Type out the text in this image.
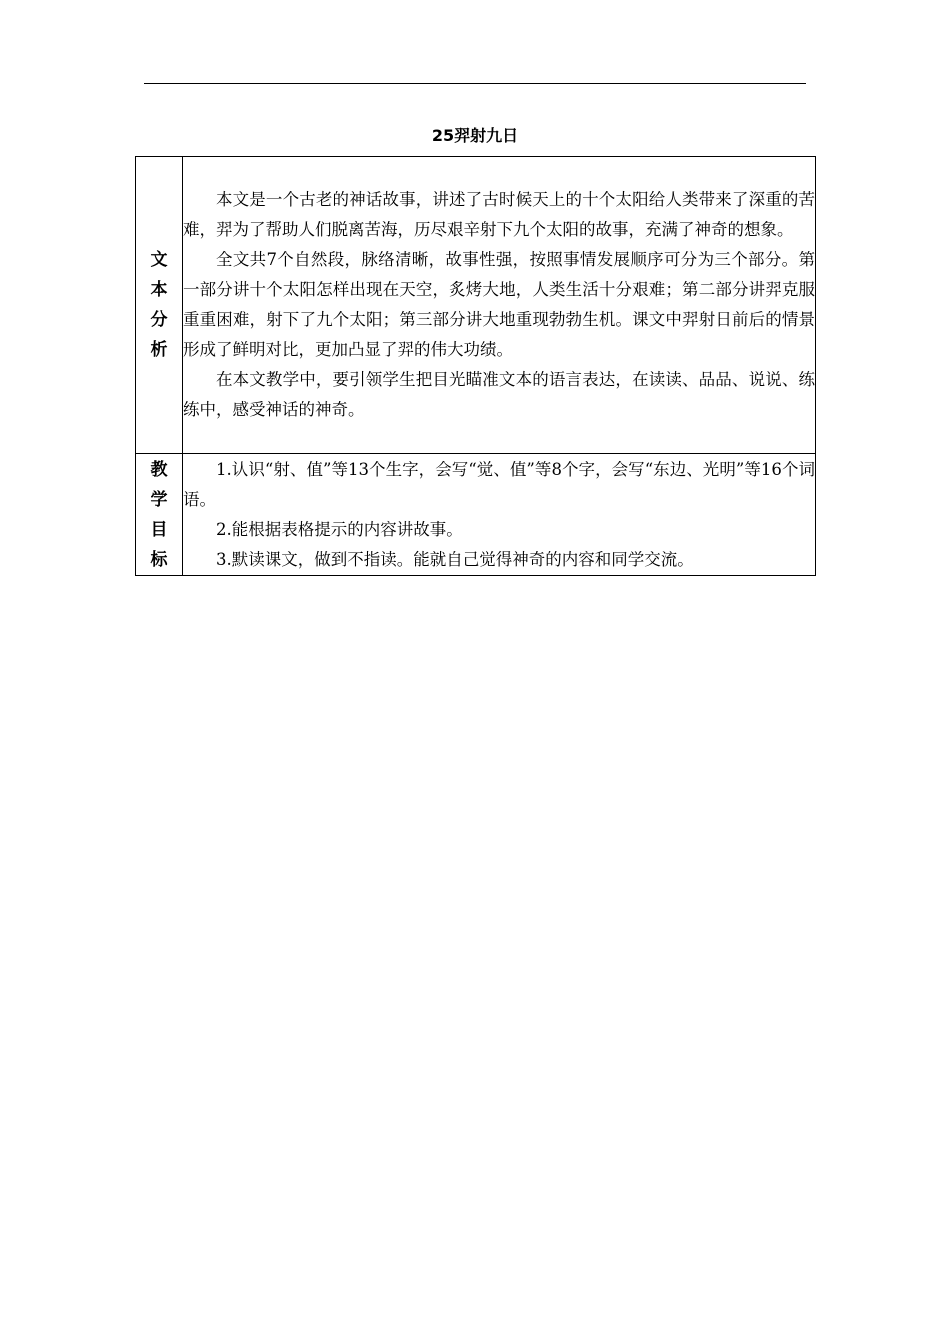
25羿射九日
文本分析	本文是一个古老的神话故事，讲述了古时候天上的十个太阳给人类带来了深重的苦难，羿为了帮助人们脱离苦海，历尽艰辛射下九个太阳的故事，充满了神奇的想象。

全文共7个自然段，脉络清晰，故事性强，按照事情发展顺序可分为三个部分。第一部分讲十个太阳怎样出现在天空，炙烤大地，人类生活十分艰难；第二部分讲羿克服重重困难，射下了九个太阳；第三部分讲大地重现勃勃生机。课文中羿射日前后的情景形成了鲜明对比，更加凸显了羿的伟大功绩。

在本文教学中，要引领学生把目光瞄准文本的语言表达，在读读、品品、说说、练练中，感受神话的神奇。

教学目标	1.认识“射、值”等13个生字，会写“觉、值”等8个字，会写“东边、光明”等16个词语。

2.能根据表格提示的内容讲故事。

3.默读课文，做到不指读。能就自己觉得神奇的内容和同学交流。
